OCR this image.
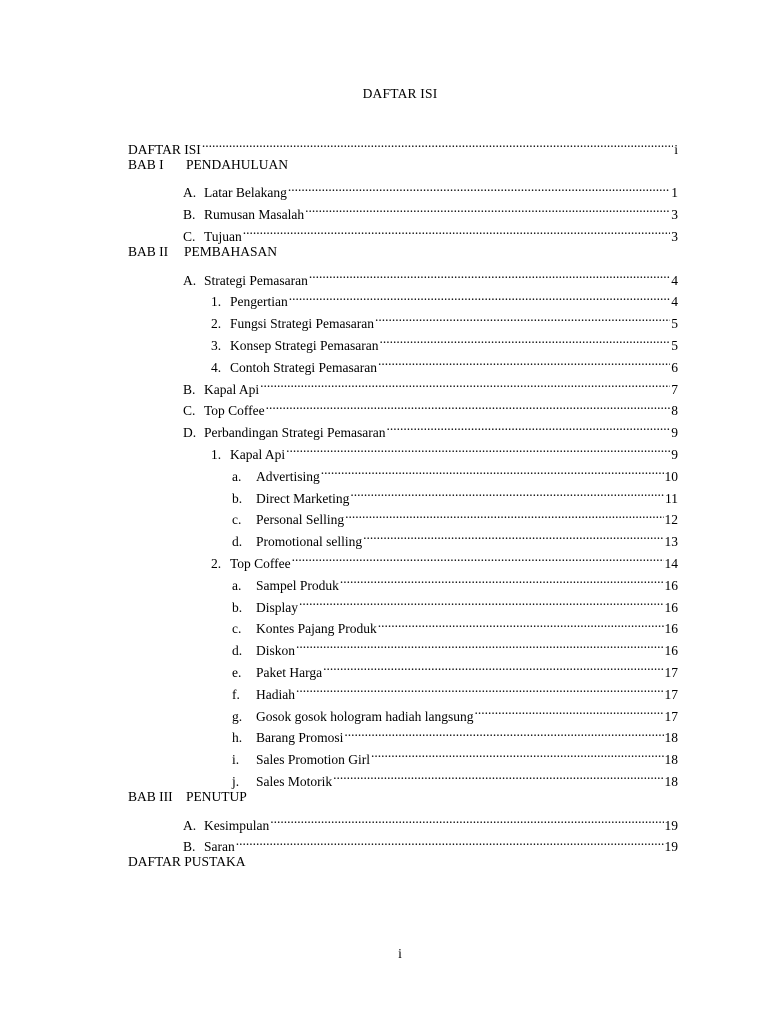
DAFTAR ISI
DAFTAR ISI .....	i
BAB I	PENDAHULUAN
A. Latar Belakang .....	1
B. Rumusan Masalah .....	3
C. Tujuan .....	3
BAB II	PEMBAHASAN
A. Strategi Pemasaran .....	4
1. Pengertian .....	4
2. Fungsi Strategi Pemasaran .....	5
3. Konsep Strategi Pemasaran .....	5
4. Contoh Strategi Pemasaran .....	6
B. Kapal Api .....	7
C. Top Coffee .....	8
D. Perbandingan Strategi Pemasaran .....	9
1. Kapal Api .....	9
a.	Advertising .....	10
b.	Direct Marketing .....	11
c.	Personal Selling .....	12
d.	Promotional selling .....	13
2. Top Coffee .....	14
a.	Sampel Produk .....	16
b.	Display .....	16
c.	Kontes Pajang Produk .....	16
d.	Diskon .....	16
e.	Paket Harga .....	17
f.	Hadiah .....	17
g.	Gosok gosok hologram hadiah langsung .....	17
h.	Barang Promosi .....	18
i.	Sales Promotion Girl .....	18
j.	Sales Motorik .....	18
BAB III PENUTUP
A. Kesimpulan .....	19
B. Saran .....	19
DAFTAR PUSTAKA
i
